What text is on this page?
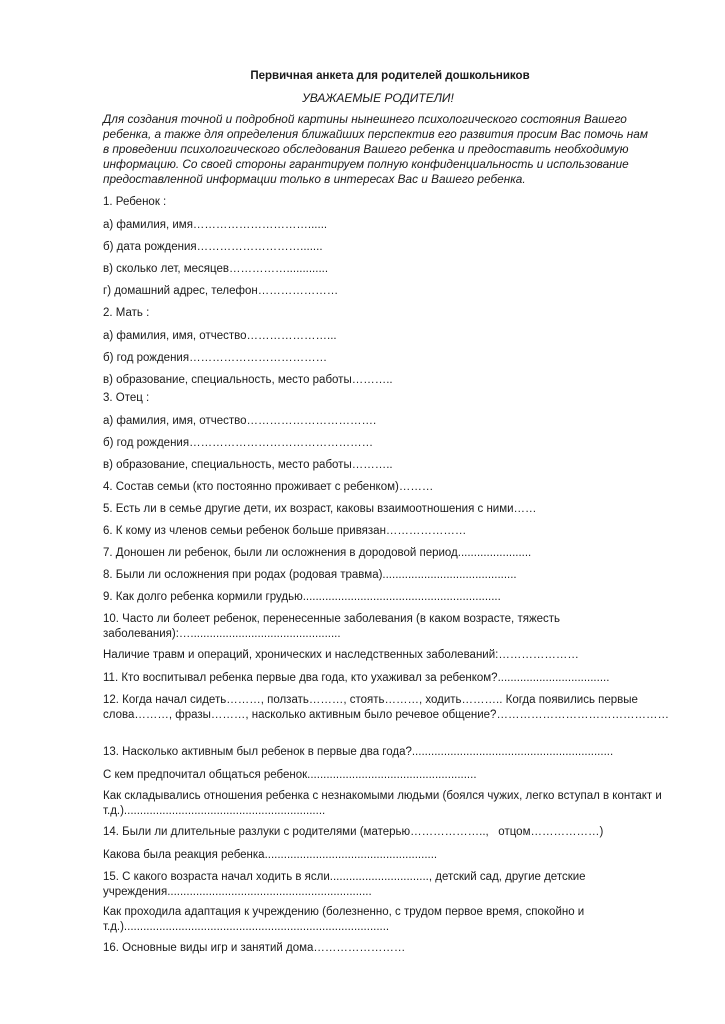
Первичная анкета для родителей дошкольников
УВАЖАЕМЫЕ РОДИТЕЛИ!
Для создания точной и подробной картины нынешнего психологического состояния Вашего ребенка, а также для определения ближайших перспектив его развития просим Вас помочь нам в проведении психологического обследования Вашего ребенка и предоставить необходимую информацию. Со своей стороны гарантируем полную конфиденциальность и использование предоставленной информации только в интересах Вас и Вашего ребенка.

1. Ребенок :

а) фамилия, имя…………………………......

б) дата рождения……………………….......

в) сколько лет, месяцев…………….............

г) домашний адрес, телефон…………………

2. Мать :

а) фамилия, имя, отчество…………………...

б) год рождения………………………………

в) образование, специальность, место работы………..

3. Отец :

а) фамилия, имя, отчество…………………………….

б) год рождения…………………………………………

в) образование, специальность, место работы………..

4. Состав семьи (кто постоянно проживает с ребенком)………

5. Есть ли в семье другие дети, их возраст, каковы взаимоотношения с ними……

6. К кому из членов семьи ребенок больше привязан…………………

7. Доношен ли ребенок, были ли осложнения в дородовой период.......................

8. Были ли осложнения при родах (родовая травма)..........................................

9. Как долго ребенка кормили грудью..............................................................

10. Часто ли болеет ребенок, перенесенные заболевания (в каком возрасте, тяжесть заболевания):…...............................................

Наличие травм и операций, хронических и наследственных заболеваний:…………………

11. Кто воспитывал ребенка первые два года, кто ухаживал за ребенком?...................................

12. Когда начал сидеть………, ползать………, стоять………, ходить……….. Когда появились первые слова………, фразы………, насколько активным было речевое общение?………………………………………

13. Насколько активным был ребенок в первые два года?...............................................................

С кем предпочитал общаться ребенок.....................................................

Как складывались отношения ребенка с незнакомыми людьми (боялся чужих, легко вступал в контакт и т.д.)...............................................................

14. Были ли длительные разлуки с родителями (матерью………………..,   отцом………………)

Какова была реакция ребенка......................................................

15. С какого возраста начал ходить в ясли..............................., детский сад, другие детские учреждения................................................................

Как проходила адаптация к учреждению (болезненно, с трудом первое время, спокойно и т.д.)...................................................................................

16. Основные виды игр и занятий дома……………………
